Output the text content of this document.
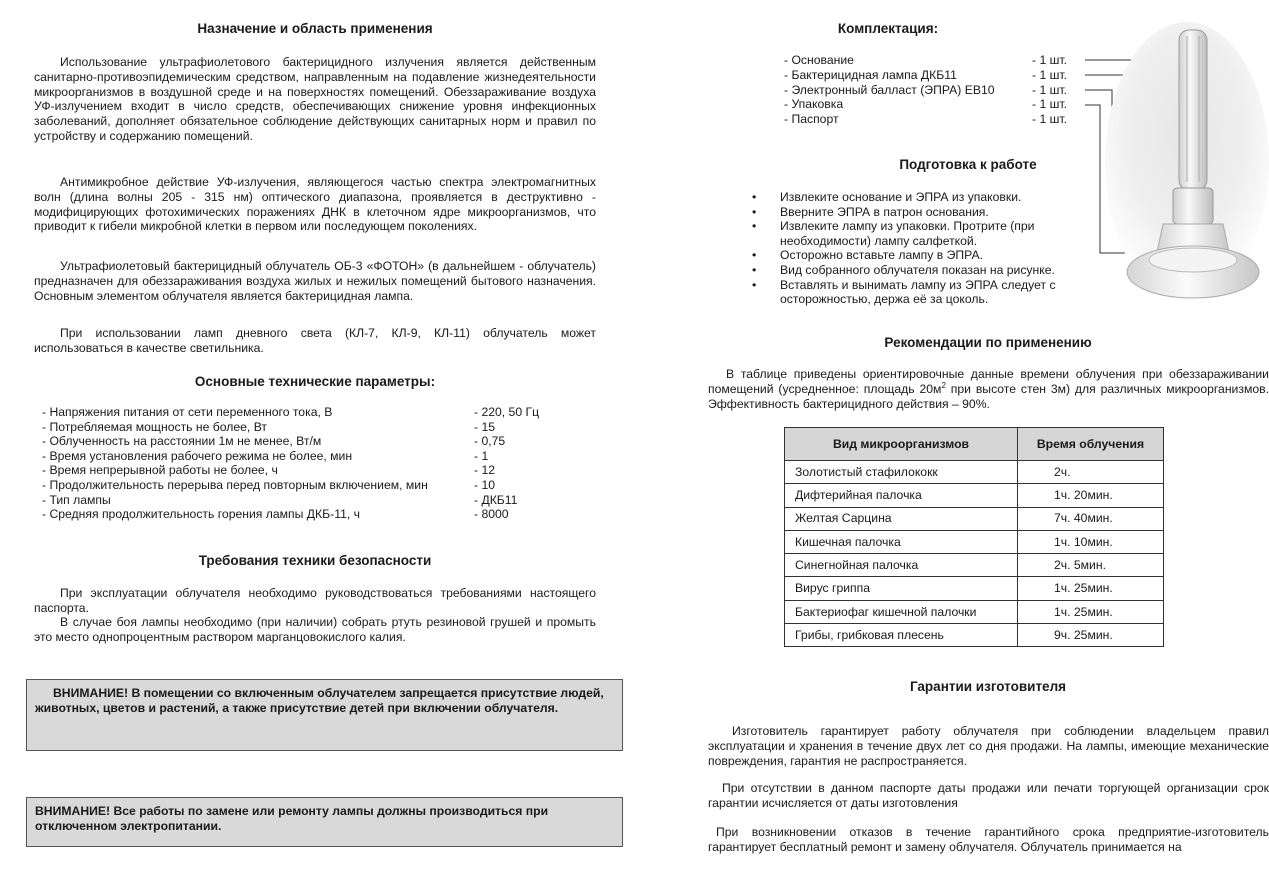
Назначение и область применения

Использование ультрафиолетового бактерицидного излучения является действенным санитарно-противоэпидемическим средством, направленным на подавление жизнедеятельности микроорганизмов в воздушной среде и на поверхностях помещений. Обеззараживание воздуха УФ-излучением входит в число средств, обеспечивающих снижение уровня инфекционных заболеваний, дополняет обязательное соблюдение действующих санитарных норм и правил по устройству и содержанию помещений.

Антимикробное действие УФ-излучения, являющегося частью спектра электромагнитных волн (длина волны 205 - 315 нм) оптического диапазона, проявляется в деструктивно - модифицирующих фотохимических поражениях ДНК в клеточном ядре микроорганизмов, что приводит к гибели микробной клетки в первом или последующем поколениях.

Ультрафиолетовый бактерицидный облучатель ОБ-3 «ФОТОН» (в дальнейшем - облучатель) предназначен для обеззараживания воздуха жилых и нежилых помещений бытового назначения. Основным элементом облучателя является бактерицидная лампа.

При использовании ламп дневного света (КЛ-7, КЛ-9, КЛ-11) облучатель может использоваться в качестве светильника.

Основные технические параметры:
- Напряжения питания от сети переменного тока, В	- 220, 50 Гц
- Потребляемая мощность не более, Вт	- 15
- Облученность на расстоянии 1м не менее, Вт/м	- 0,75
- Время установления рабочего режима не более, мин	- 1
- Время непрерывной работы не более, ч	- 12
- Продолжительность перерыва перед повторным включением, мин	- 10
- Тип лампы	- ДКБ11
- Средняя продолжительность горения лампы ДКБ-11, ч	- 8000
Требования техники безопасности

При эксплуатации облучателя необходимо руководствоваться требованиями настоящего паспорта.

В случае боя лампы необходимо (при наличии) собрать ртуть резиновой грушей и промыть это место однопроцентным раствором марганцовокислого калия.

ВНИМАНИЕ! В помещении со включенным облучателем запрещается присутствие людей, животных, цветов и растений, а также присутствие детей при включении облучателя.
ВНИМАНИЕ! Все работы по замене или ремонту лампы должны производиться при отключенном электропитании.
Комплектация:
- Основание	- 1 шт.
- Бактерицидная лампа ДКБ11	- 1 шт.
- Электронный балласт (ЭПРА) ЕВ10	- 1 шт.
- Упаковка	- 1 шт.
- Паспорт	- 1 шт.
Подготовка к работе
• Извлеките основание и ЭПРА из упаковки.
• Вверните ЭПРА в патрон основания.
• Извлеките лампу из упаковки. Протрите (при необходимости) лампу салфеткой.
• Осторожно вставьте лампу в ЭПРА.
• Вид собранного облучателя показан на рисунке.
• Вставлять и вынимать лампу из ЭПРА следует с осторожностью, держа её за цоколь.
Рекомендации по применению

В таблице приведены ориентировочные данные времени облучения при обеззараживании помещений (усредненное: площадь $20м^2$ при высоте стен 3м) для различных микроорганизмов. Эффективность бактерицидного действия – 90%.

Вид микроорганизмов	Время облучения
Золотистый стафилококк	2ч.
Дифтерийная палочка	1ч. 20мин.
Желтая Сарцина	7ч. 40мин.
Кишечная палочка	1ч. 10мин.
Синегнойная палочка	2ч. 5мин.
Вирус гриппа	1ч. 25мин.
Бактериофаг кишечной палочки	1ч. 25мин.
Грибы, грибковая плесень	9ч. 25мин.
Гарантии изготовителя

Изготовитель гарантирует работу облучателя при соблюдении владельцем правил эксплуатации и хранения в течение двух лет со дня продажи. На лампы, имеющие механические повреждения, гарантия не распространяется.

При отсутствии в данном паспорте даты продажи или печати торгующей организации срок гарантии исчисляется от даты изготовления

При возникновении отказов в течение гарантийного срока предприятие-изготовитель гарантирует бесплатный ремонт и замену облучателя. Облучатель принимается на
